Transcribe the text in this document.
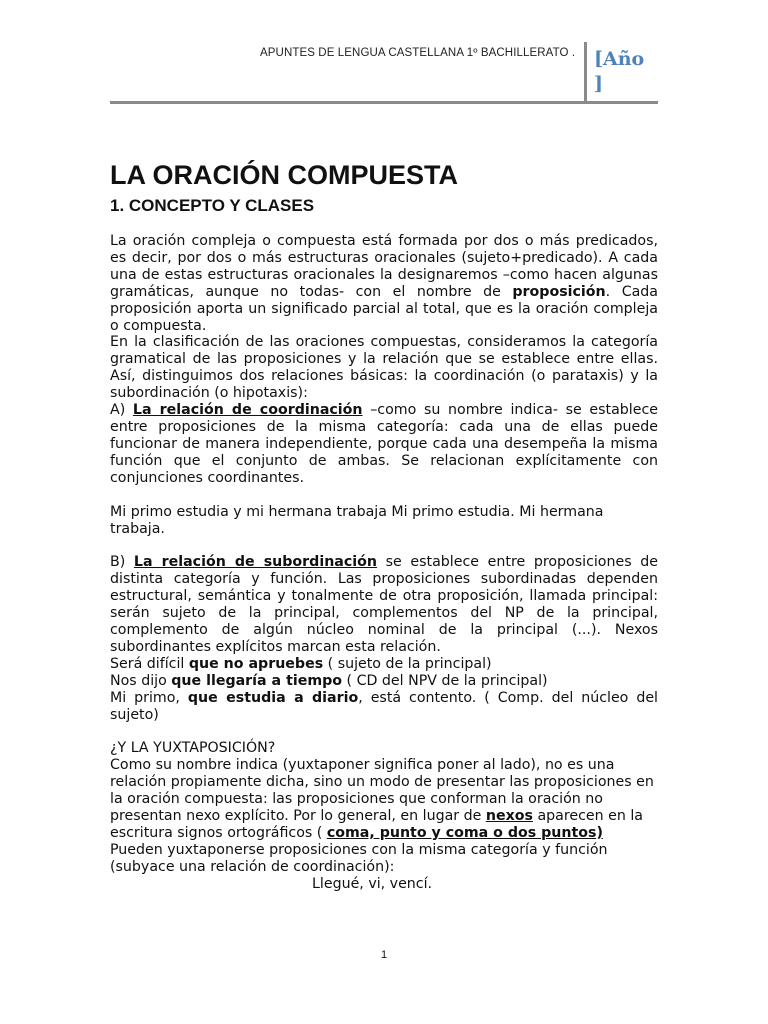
APUNTES DE LENGUA CASTELLANA 1º BACHILLERATO . [Año ]
LA ORACIÓN COMPUESTA
1. CONCEPTO Y CLASES

La oración compleja o compuesta está formada por dos o más predicados, es decir, por dos o más estructuras oracionales (sujeto+predicado). A cada una de estas estructuras oracionales la designaremos –como hacen algunas gramáticas, aunque no todas- con el nombre de proposición. Cada proposición aporta un significado parcial al total, que es la oración compleja o compuesta.

En la clasificación de las oraciones compuestas, consideramos la categoría gramatical de las proposiciones y la relación que se establece entre ellas. Así, distinguimos dos relaciones básicas: la coordinación (o parataxis) y la subordinación (o hipotaxis):

A) La relación de coordinación –como su nombre indica- se establece entre proposiciones de la misma categoría: cada una de ellas puede funcionar de manera independiente, porque cada una desempeña la misma función que el conjunto de ambas. Se relacionan explícitamente con conjunciones coordinantes.

Mi primo estudia y mi hermana trabaja Mi primo estudia. Mi hermana trabaja.

B) La relación de subordinación se establece entre proposiciones de distinta categoría y función. Las proposiciones subordinadas dependen estructural, semántica y tonalmente de otra proposición, llamada principal: serán sujeto de la principal, complementos del NP de la principal, complemento de algún núcleo nominal de la principal (...). Nexos subordinantes explícitos marcan esta relación.

Será difícil que no apruebes ( sujeto de la principal)

Nos dijo que llegaría a tiempo ( CD del NPV de la principal)

Mi primo, que estudia a diario, está contento. ( Comp. del núcleo del sujeto)

¿Y LA YUXTAPOSICIÓN?

Como su nombre indica (yuxtaponer significa poner al lado), no es una relación propiamente dicha, sino un modo de presentar las proposiciones en la oración compuesta: las proposiciones que conforman la oración no presentan nexo explícito. Por lo general, en lugar de nexos aparecen en la escritura signos ortográficos ( coma, punto y coma o dos puntos)

Pueden yuxtaponerse proposiciones con la misma categoría y función (subyace una relación de coordinación):

Llegué, vi, vencí.

1
